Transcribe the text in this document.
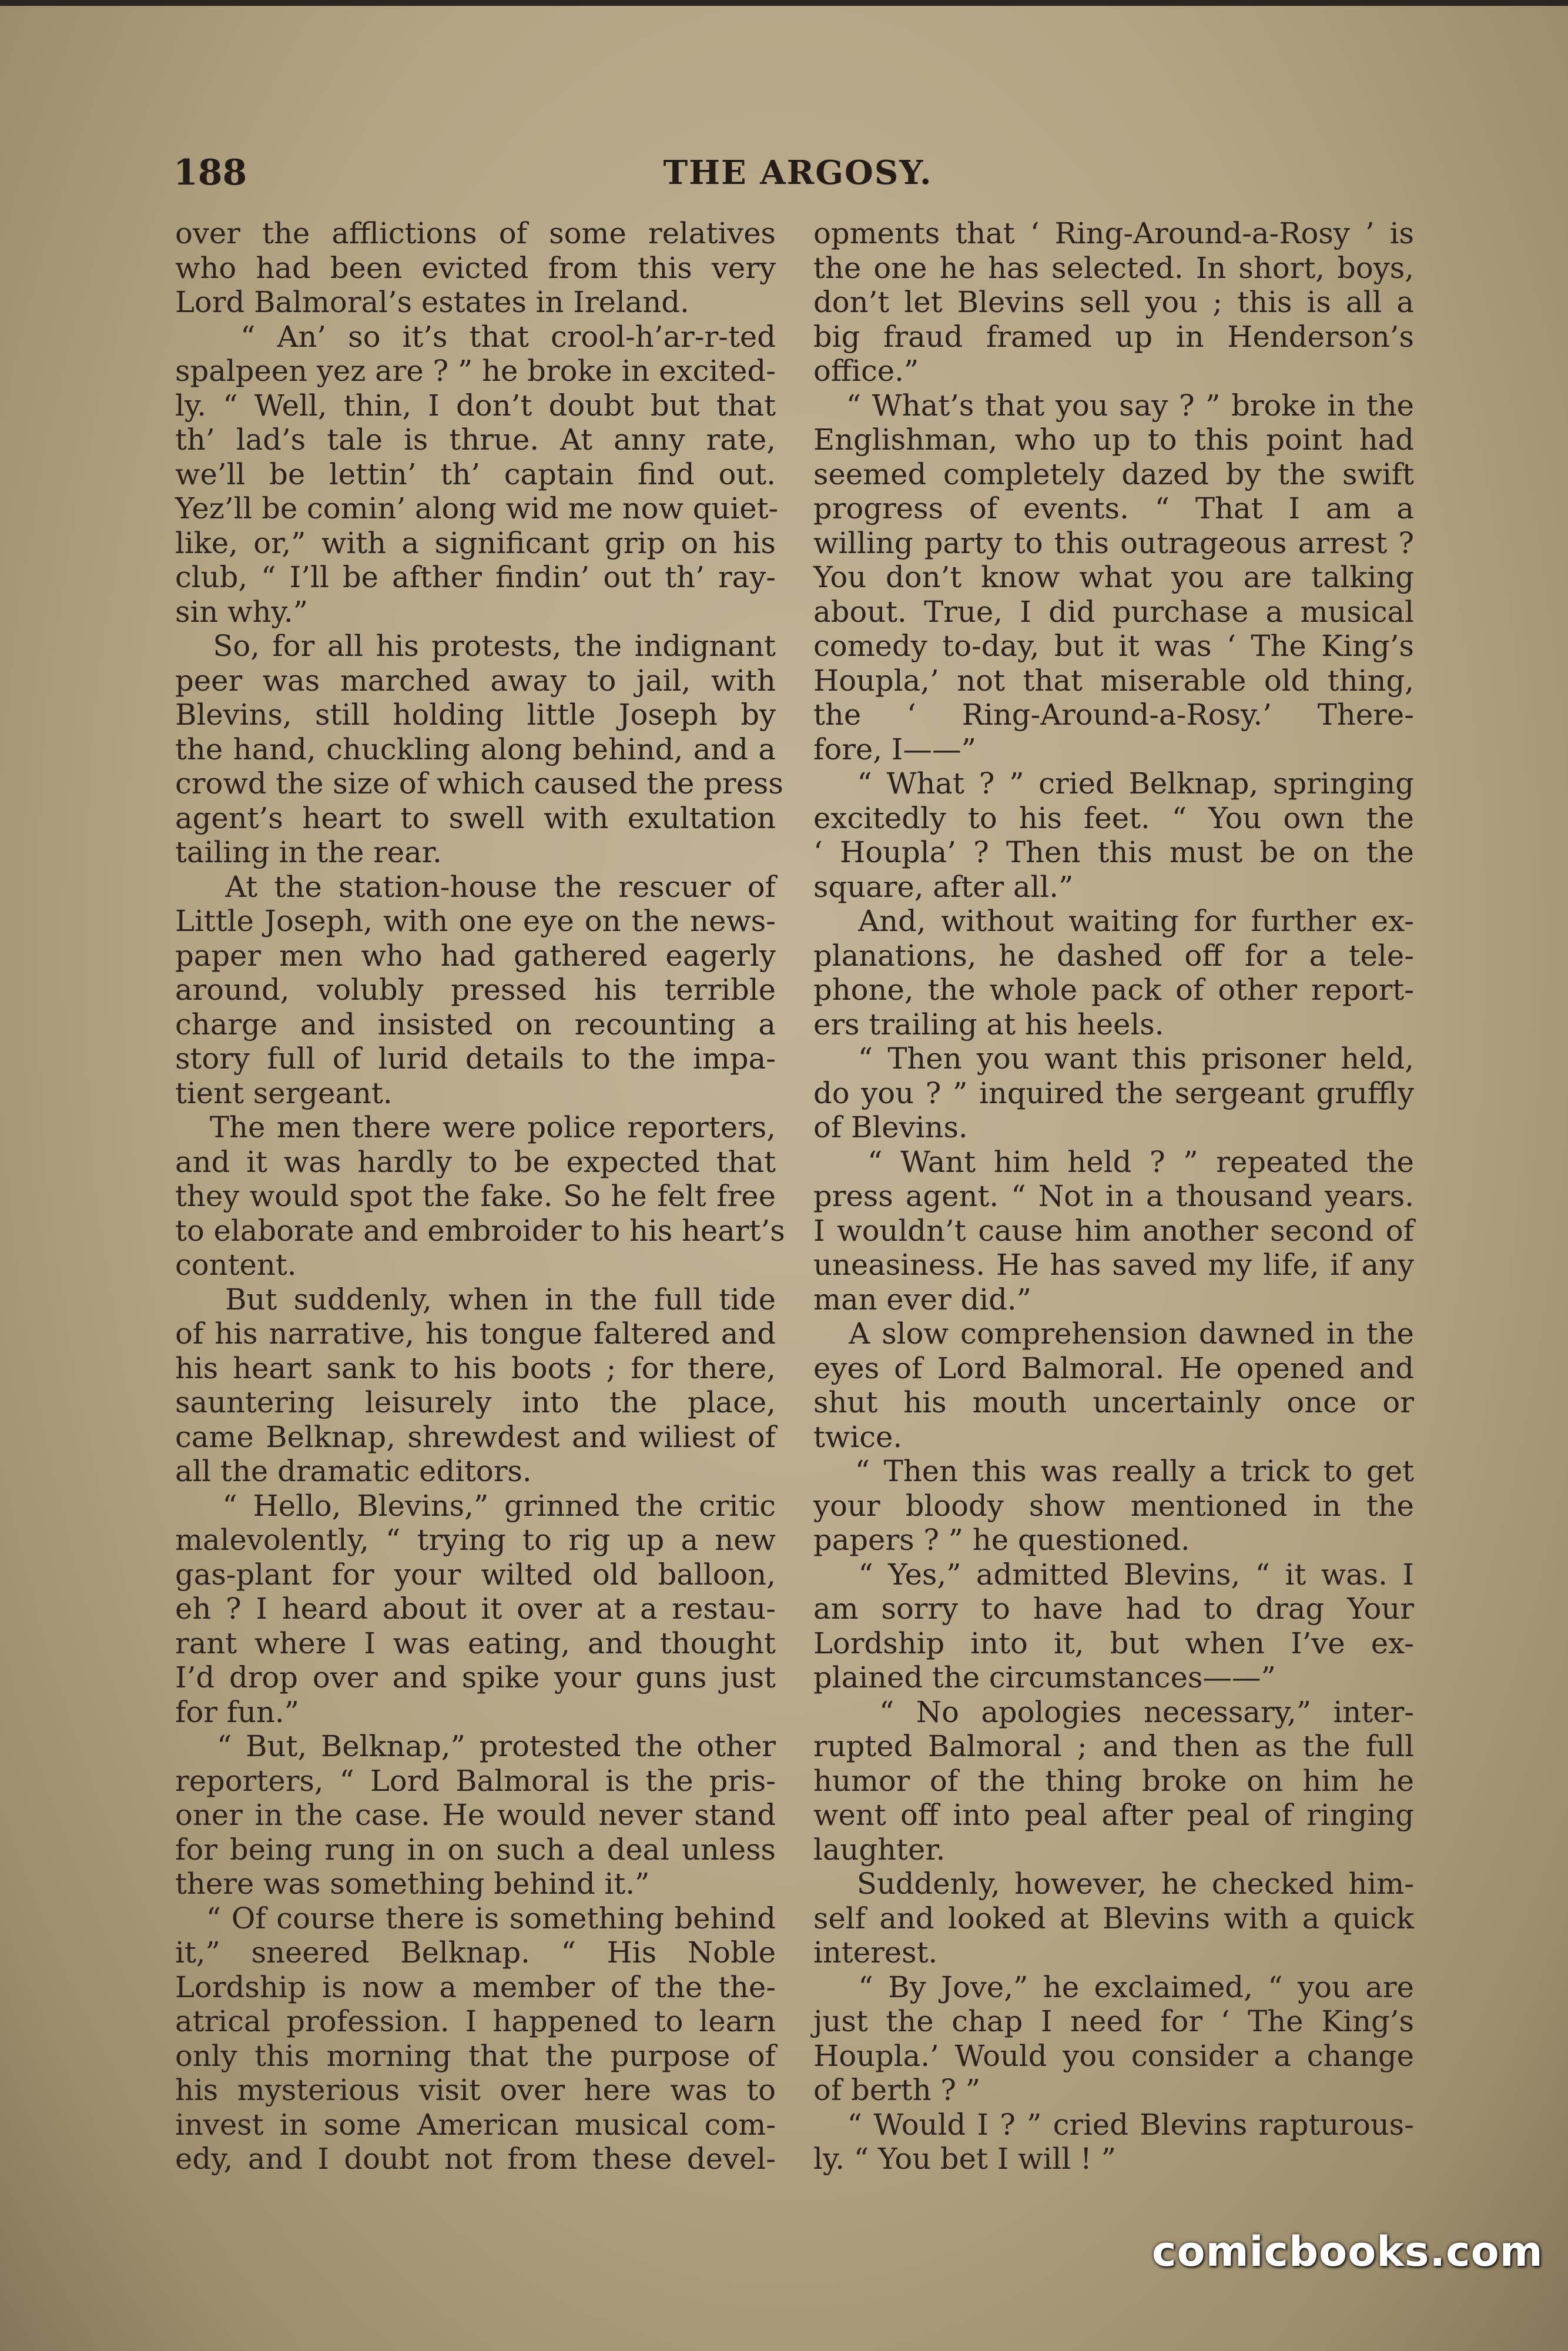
188	THE ARGOSY.
over the afflictions of some relatives
who had been evicted from this very
Lord Balmoral’s estates in Ireland.
“ An’ so it’s that crool-h’ar-r-ted
spalpeen yez are ? ” he broke in excited-
ly. “ Well, thin, I don’t doubt but that
th’ lad’s tale is thrue. At anny rate,
we’ll be lettin’ th’ captain find out.
Yez’ll be comin’ along wid me now quiet-
like, or,” with a significant grip on his
club, “ I’ll be afther findin’ out th’ ray-
sin why.”
So, for all his protests, the indignant
peer was marched away to jail, with
Blevins, still holding little Joseph by
the hand, chuckling along behind, and a
crowd the size of which caused the press
agent’s heart to swell with exultation
tailing in the rear.
At the station-house the rescuer of
Little Joseph, with one eye on the news-
paper men who had gathered eagerly
around, volubly pressed his terrible
charge and insisted on recounting a
story full of lurid details to the impa-
tient sergeant.
The men there were police reporters,
and it was hardly to be expected that
they would spot the fake. So he felt free
to elaborate and embroider to his heart’s
content.
But suddenly, when in the full tide
of his narrative, his tongue faltered and
his heart sank to his boots ; for there,
sauntering leisurely into the place,
came Belknap, shrewdest and wiliest of
all the dramatic editors.
“ Hello, Blevins,” grinned the critic
malevolently, “ trying to rig up a new
gas-plant for your wilted old balloon,
eh ? I heard about it over at a restau-
rant where I was eating, and thought
I’d drop over and spike your guns just
for fun.”
“ But, Belknap,” protested the other
reporters, “ Lord Balmoral is the pris-
oner in the case. He would never stand
for being rung in on such a deal unless
there was something behind it.”
“ Of course there is something behind
it,” sneered Belknap. “ His Noble
Lordship is now a member of the the-
atrical profession. I happened to learn
only this morning that the purpose of
his mysterious visit over here was to
invest in some American musical com-
edy, and I doubt not from these devel-
opments that ‘ Ring-Around-a-Rosy ’ is
the one he has selected. In short, boys,
don’t let Blevins sell you ; this is all a
big fraud framed up in Henderson’s
office.”
“ What’s that you say ? ” broke in the
Englishman, who up to this point had
seemed completely dazed by the swift
progress of events. “ That I am a
willing party to this outrageous arrest ?
You don’t know what you are talking
about. True, I did purchase a musical
comedy to-day, but it was ‘ The King’s
Houpla,’ not that miserable old thing,
the ‘ Ring-Around-a-Rosy.’ There-
fore, I——”
“ What ? ” cried Belknap, springing
excitedly to his feet. “ You own the
‘ Houpla’ ? Then this must be on the
square, after all.”
And, without waiting for further ex-
planations, he dashed off for a tele-
phone, the whole pack of other report-
ers trailing at his heels.
“ Then you want this prisoner held,
do you ? ” inquired the sergeant gruffly
of Blevins.
“ Want him held ? ” repeated the
press agent. “ Not in a thousand years.
I wouldn’t cause him another second of
uneasiness. He has saved my life, if any
man ever did.”
A slow comprehension dawned in the
eyes of Lord Balmoral. He opened and
shut his mouth uncertainly once or
twice.
“ Then this was really a trick to get
your bloody show mentioned in the
papers ? ” he questioned.
“ Yes,” admitted Blevins, “ it was. I
am sorry to have had to drag Your
Lordship into it, but when I’ve ex-
plained the circumstances——”
“ No apologies necessary,” inter-
rupted Balmoral ; and then as the full
humor of the thing broke on him he
went off into peal after peal of ringing
laughter.
Suddenly, however, he checked him-
self and looked at Blevins with a quick
interest.
“ By Jove,” he exclaimed, “ you are
just the chap I need for ‘ The King’s
Houpla.’ Would you consider a change
of berth ? ”
“ Would I ? ” cried Blevins rapturous-
ly. “ You bet I will ! ”
comicbooks.com
